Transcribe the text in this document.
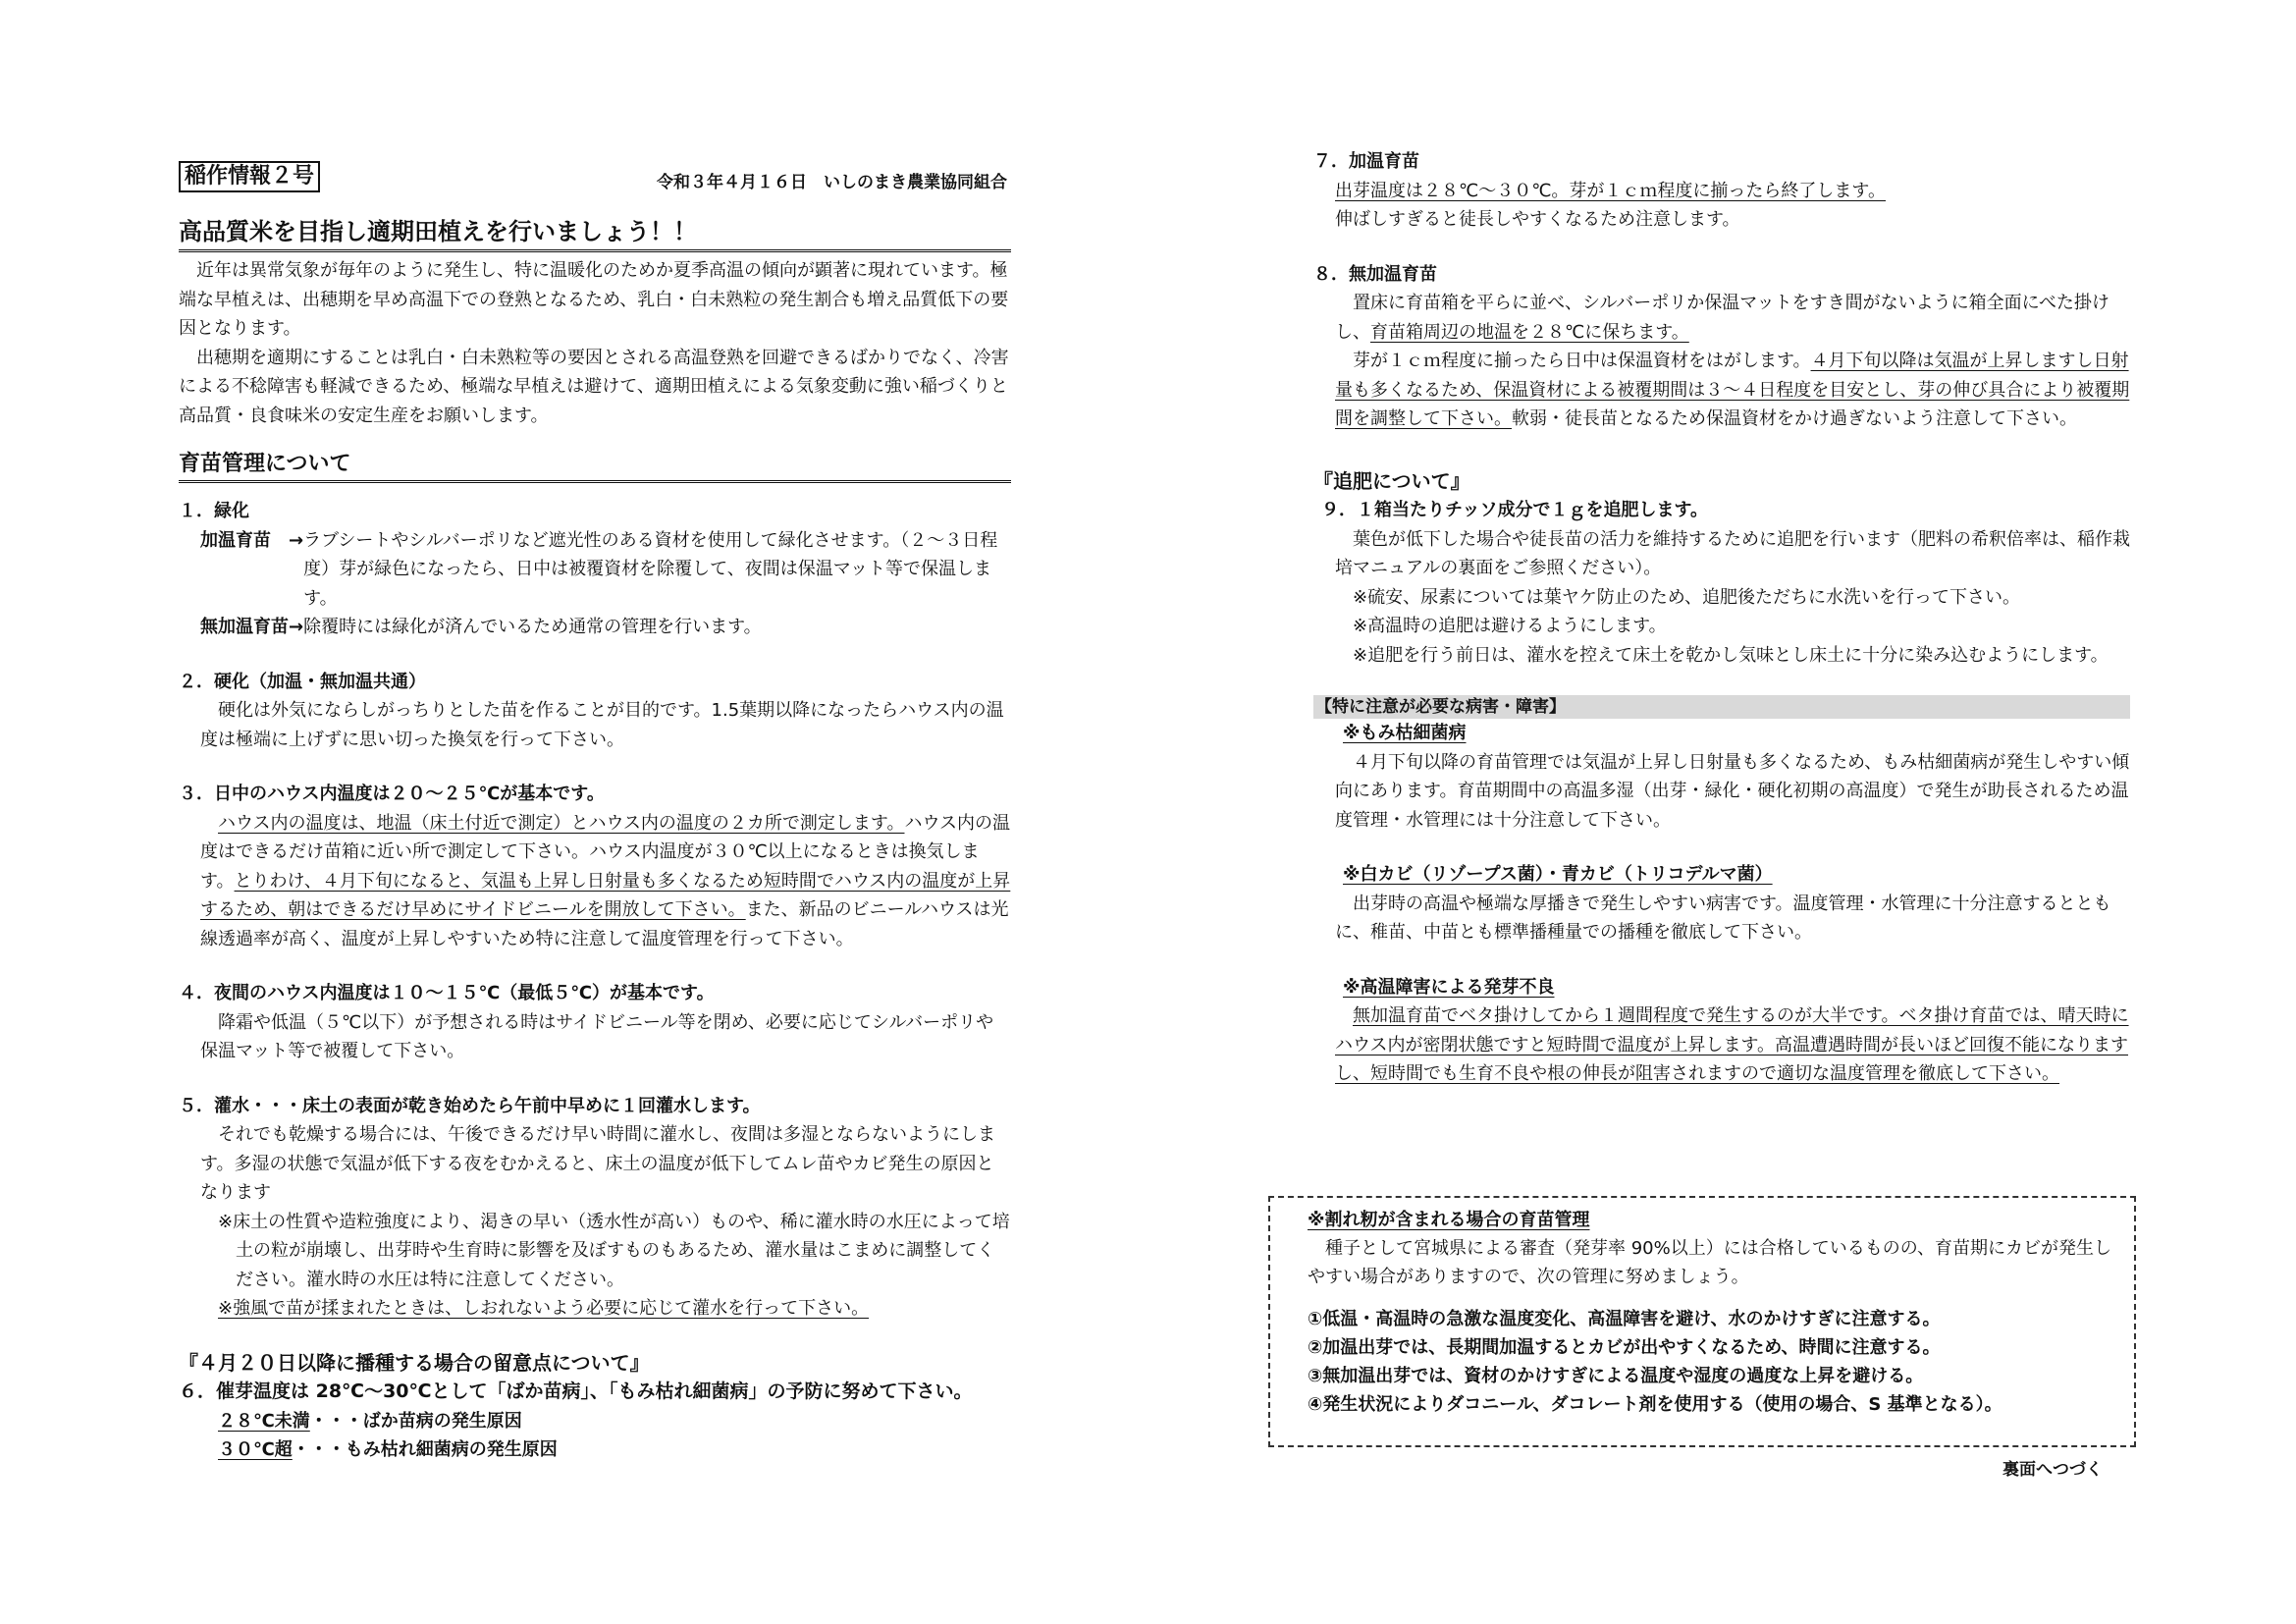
稲作情報２号	令和３年４月１６日　いしのまき農業協同組合
高品質米を目指し適期田植えを行いましょう！！

近年は異常気象が毎年のように発生し、特に温暖化のためか夏季高温の傾向が顕著に現れています。極端な早植えは、出穂期を早め高温下での登熟となるため、乳白・白未熟粒の発生割合も増え品質低下の要因となります。

出穂期を適期にすることは乳白・白未熟粒等の要因とされる高温登熟を回避できるばかりでなく、冷害による不稔障害も軽減できるため、極端な早植えは避けて、適期田植えによる気象変動に強い稲づくりと高品質・良食味米の安定生産をお願いします。

育苗管理について
１．緑化
加温育苗　→ ラブシートやシルバーポリなど遮光性のある資材を使用して緑化させます。（２～３日程度）芽が緑色になったら、日中は被覆資材を除覆して、夜間は保温マット等で保温します。
無加温育苗→ 除覆時には緑化が済んでいるため通常の管理を行います。
２．硬化（加温・無加温共通）

硬化は外気にならしがっちりとした苗を作ることが目的です。1.5葉期以降になったらハウス内の温度は極端に上げずに思い切った換気を行って下さい。

３．日中のハウス内温度は２０～２５℃が基本です。

ハウス内の温度は、地温（床土付近で測定）とハウス内の温度の２カ所で測定します。ハウス内の温度はできるだけ苗箱に近い所で測定して下さい。ハウス内温度が３０℃以上になるときは換気します。とりわけ、４月下旬になると、気温も上昇し日射量も多くなるため短時間でハウス内の温度が上昇するため、朝はできるだけ早めにサイドビニールを開放して下さい。また、新品のビニールハウスは光線透過率が高く、温度が上昇しやすいため特に注意して温度管理を行って下さい。

４．夜間のハウス内温度は１０～１５℃（最低５℃）が基本です。

降霜や低温（５℃以下）が予想される時はサイドビニール等を閉め、必要に応じてシルバーポリや保温マット等で被覆して下さい。

５．灌水・・・床土の表面が乾き始めたら午前中早めに１回灌水します。

それでも乾燥する場合には、午後できるだけ早い時間に灌水し、夜間は多湿とならないようにします。多湿の状態で気温が低下する夜をむかえると、床土の温度が低下してムレ苗やカビ発生の原因となります

※床土の性質や造粒強度により、渇きの早い（透水性が高い）ものや、稀に灌水時の水圧によって培土の粒が崩壊し、出芽時や生育時に影響を及ぼすものもあるため、灌水量はこまめに調整してください。灌水時の水圧は特に注意してください。

※強風で苗が揉まれたときは、しおれないよう必要に応じて灌水を行って下さい。

『４月２０日以降に播種する場合の留意点について』
６．催芽温度は 28℃～30℃として「ばか苗病」、「もみ枯れ細菌病」の予防に努めて下さい。
２８℃未満・・・ばか苗病の発生原因
３０℃超・・・もみ枯れ細菌病の発生原因
７．加温育苗

出芽温度は２８℃～３０℃。芽が１ｃｍ程度に揃ったら終了します。

伸ばしすぎると徒長しやすくなるため注意します。

８．無加温育苗

置床に育苗箱を平らに並べ、シルバーポリか保温マットをすき間がないように箱全面にべた掛けし、育苗箱周辺の地温を２８℃に保ちます。

芽が１ｃｍ程度に揃ったら日中は保温資材をはがします。４月下旬以降は気温が上昇しますし日射量も多くなるため、保温資材による被覆期間は３～４日程度を目安とし、芽の伸び具合により被覆期間を調整して下さい。軟弱・徒長苗となるため保温資材をかけ過ぎないよう注意して下さい。

『追肥について』
９．１箱当たりチッソ成分で１ｇを追肥します。

葉色が低下した場合や徒長苗の活力を維持するために追肥を行います（肥料の希釈倍率は、稲作栽培マニュアルの裏面をご参照ください）。

※硫安、尿素については葉ヤケ防止のため、追肥後ただちに水洗いを行って下さい。

※高温時の追肥は避けるようにします。

※追肥を行う前日は、灌水を控えて床土を乾かし気味とし床土に十分に染み込むようにします。

【特に注意が必要な病害・障害】
※もみ枯細菌病

４月下旬以降の育苗管理では気温が上昇し日射量も多くなるため、もみ枯細菌病が発生しやすい傾向にあります。育苗期間中の高温多湿（出芽・緑化・硬化初期の高温度）で発生が助長されるため温度管理・水管理には十分注意して下さい。

※白カビ（リゾープス菌）・青カビ（トリコデルマ菌）

出芽時の高温や極端な厚播きで発生しやすい病害です。温度管理・水管理に十分注意するとともに、稚苗、中苗とも標準播種量での播種を徹底して下さい。

※高温障害による発芽不良

無加温育苗でベタ掛けしてから１週間程度で発生するのが大半です。ベタ掛け育苗では、晴天時にハウス内が密閉状態ですと短時間で温度が上昇します。高温遭遇時間が長いほど回復不能になりますし、短時間でも生育不良や根の伸長が阻害されますので適切な温度管理を徹底して下さい。

※割れ籾が含まれる場合の育苗管理

種子として宮城県による審査（発芽率 90%以上）には合格しているものの、育苗期にカビが発生しやすい場合がありますので、次の管理に努めましょう。

①低温・高温時の急激な温度変化、高温障害を避け、水のかけすぎに注意する。
②加温出芽では、長期間加温するとカビが出やすくなるため、時間に注意する。
③無加温出芽では、資材のかけすぎによる温度や湿度の過度な上昇を避ける。
④発生状況によりダコニール、ダコレート剤を使用する（使用の場合、S 基準となる）。
裏面へつづく
